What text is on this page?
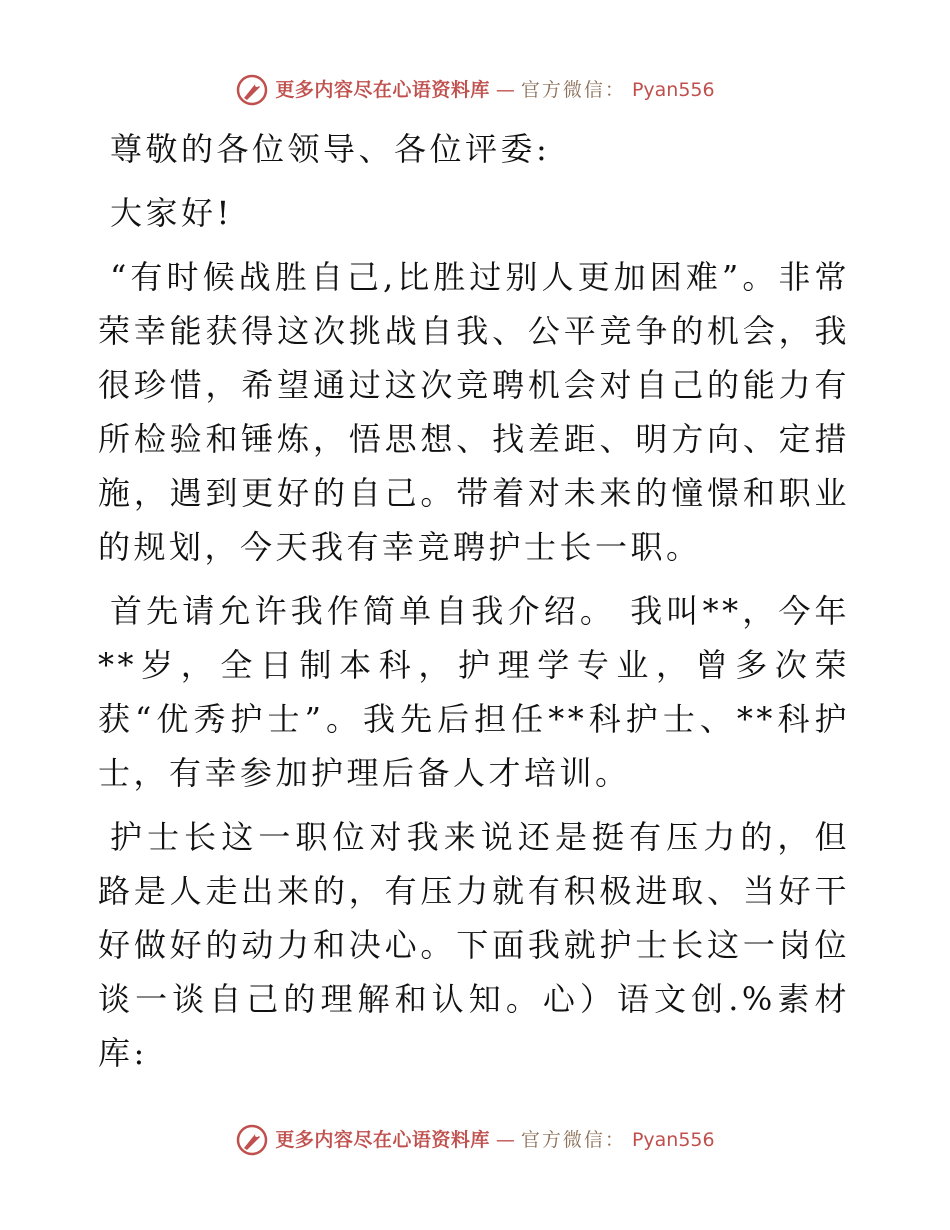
更多内容尽在心语资料库 — 官方微信： Pyan556

尊敬的各位领导、各位评委:

大家好!

“有时候战胜自己,比胜过别人更加困难”。非常荣幸能获得这次挑战自我、公平竞争的机会，我很珍惜，希望通过这次竞聘机会对自己的能力有所检验和锤炼，悟思想、找差距、明方向、定措施，遇到更好的自己。带着对未来的憧憬和职业的规划，今天我有幸竞聘护士长一职。

首先请允许我作简单自我介绍。 我叫**，今年**岁，全日制本科，护理学专业，曾多次荣获“优秀护士”。我先后担任**科护士、**科护士，有幸参加护理后备人才培训。

护士长这一职位对我来说还是挺有压力的，但路是人走出来的，有压力就有积极进取、当好干好做好的动力和决心。下面我就护士长这一岗位谈一谈自己的理解和认知。心）语文创.%素材库:

更多内容尽在心语资料库 — 官方微信： Pyan556
